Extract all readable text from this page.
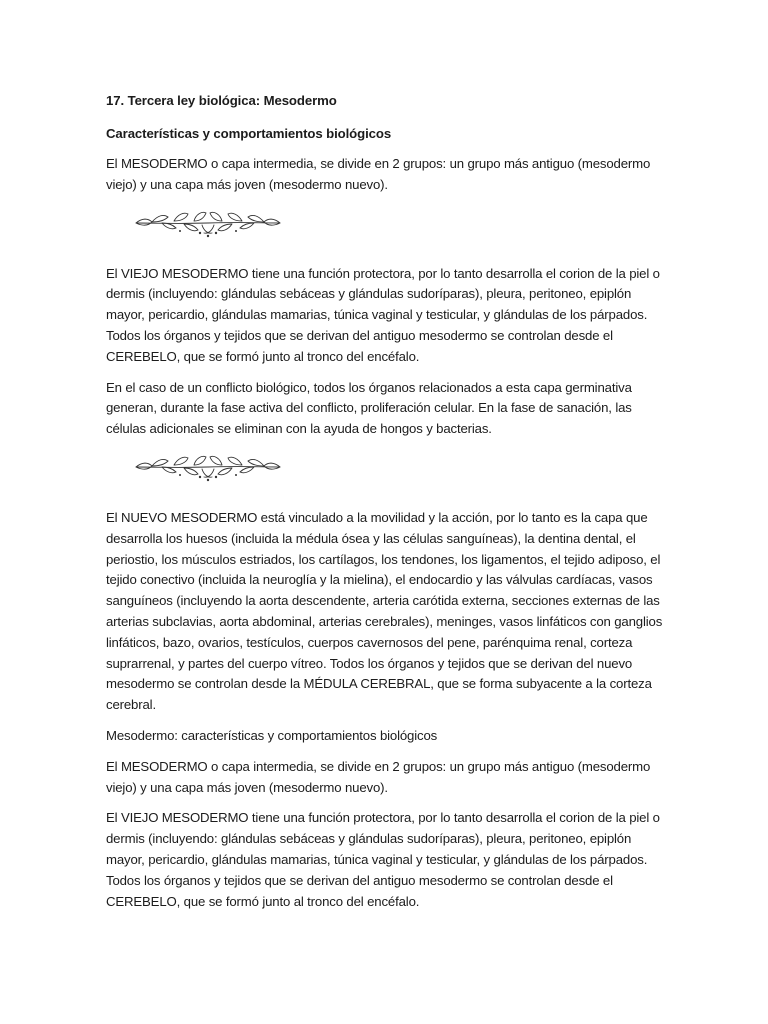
17. Tercera ley biológica: Mesodermo
Características y comportamientos biológicos

El MESODERMO o capa intermedia, se divide en 2 grupos: un grupo más antiguo (mesodermo viejo) y una capa más joven (mesodermo nuevo).

El VIEJO MESODERMO tiene una función protectora, por lo tanto desarrolla el corion de la piel o dermis (incluyendo: glándulas sebáceas y glándulas sudoríparas), pleura, peritoneo, epiplón mayor, pericardio, glándulas mamarias, túnica vaginal y testicular, y glándulas de los párpados. Todos los órganos y tejidos que se derivan del antiguo mesodermo se controlan desde el CEREBELO, que se formó junto al tronco del encéfalo.

En el caso de un conflicto biológico, todos los órganos relacionados a esta capa germinativa generan, durante la fase activa del conflicto, proliferación celular. En la fase de sanación, las células adicionales se eliminan con la ayuda de hongos y bacterias.

El NUEVO MESODERMO está vinculado a la movilidad y la acción, por lo tanto es la capa que desarrolla los huesos (incluida la médula ósea y las células sanguíneas), la dentina dental, el periostio, los músculos estriados, los cartílagos, los tendones, los ligamentos, el tejido adiposo, el tejido conectivo (incluida la neuroglía y la mielina), el endocardio y las válvulas cardíacas, vasos sanguíneos (incluyendo la aorta descendente, arteria carótida externa, secciones externas de las arterias subclavias, aorta abdominal, arterias cerebrales), meninges, vasos linfáticos con ganglios linfáticos, bazo, ovarios, testículos, cuerpos cavernosos del pene, parénquima renal, corteza suprarrenal, y partes del cuerpo vítreo. Todos los órganos y tejidos que se derivan del nuevo mesodermo se controlan desde la MÉDULA CEREBRAL, que se forma subyacente a la corteza cerebral.

Mesodermo: características y comportamientos biológicos

El MESODERMO o capa intermedia, se divide en 2 grupos: un grupo más antiguo (mesodermo viejo) y una capa más joven (mesodermo nuevo).

El VIEJO MESODERMO tiene una función protectora, por lo tanto desarrolla el corion de la piel o dermis (incluyendo: glándulas sebáceas y glándulas sudoríparas), pleura, peritoneo, epiplón mayor, pericardio, glándulas mamarias, túnica vaginal y testicular, y glándulas de los párpados. Todos los órganos y tejidos que se derivan del antiguo mesodermo se controlan desde el CEREBELO, que se formó junto al tronco del encéfalo.
